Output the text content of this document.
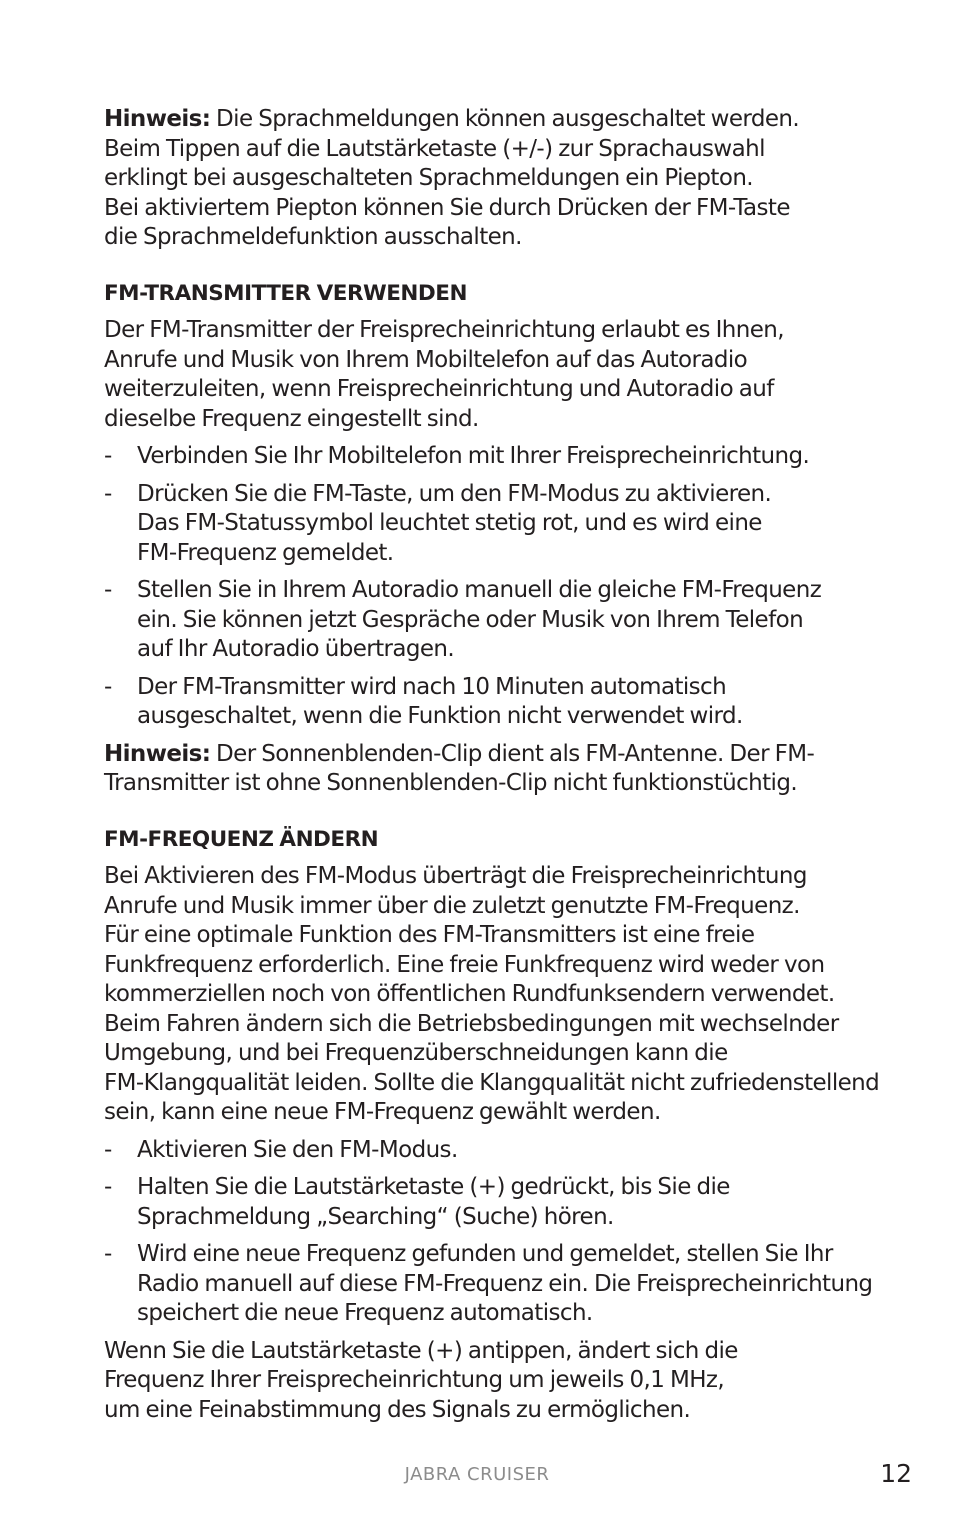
Hinweis: Die Sprachmeldungen können ausgeschaltet werden.
Beim Tippen auf die Lautstärketaste (+/-) zur Sprachauswahl
erklingt bei ausgeschalteten Sprachmeldungen ein Piepton.
Bei aktiviertem Piepton können Sie durch Drücken der FM-Taste
die Sprachmeldefunktion ausschalten.

FM-TRANSMITTER VERWENDEN

Der FM-Transmitter der Freisprecheinrichtung erlaubt es Ihnen,
Anrufe und Musik von Ihrem Mobiltelefon auf das Autoradio
weiterzuleiten, wenn Freisprecheinrichtung und Autoradio auf
dieselbe Frequenz eingestellt sind.

- Verbinden Sie Ihr Mobiltelefon mit Ihrer Freisprecheinrichtung.
- Drücken Sie die FM-Taste, um den FM-Modus zu aktivieren.
Das FM-Statussymbol leuchtet stetig rot, und es wird eine
FM-Frequenz gemeldet.
- Stellen Sie in Ihrem Autoradio manuell die gleiche FM-Frequenz
ein. Sie können jetzt Gespräche oder Musik von Ihrem Telefon
auf Ihr Autoradio übertragen.
- Der FM-Transmitter wird nach 10 Minuten automatisch
ausgeschaltet, wenn die Funktion nicht verwendet wird.

Hinweis: Der Sonnenblenden-Clip dient als FM-Antenne. Der FM-
Transmitter ist ohne Sonnenblenden-Clip nicht funktionstüchtig.

FM-FREQUENZ ÄNDERN

Bei Aktivieren des FM-Modus überträgt die Freisprecheinrichtung
Anrufe und Musik immer über die zuletzt genutzte FM-Frequenz.
Für eine optimale Funktion des FM-Transmitters ist eine freie
Funkfrequenz erforderlich. Eine freie Funkfrequenz wird weder von
kommerziellen noch von öffentlichen Rundfunksendern verwendet.
Beim Fahren ändern sich die Betriebsbedingungen mit wechselnder
Umgebung, und bei Frequenzüberschneidungen kann die
FM-Klangqualität leiden. Sollte die Klangqualität nicht zufriedenstellend
sein, kann eine neue FM-Frequenz gewählt werden.

- Aktivieren Sie den FM-Modus.
- Halten Sie die Lautstärketaste (+) gedrückt, bis Sie die
Sprachmeldung „Searching“ (Suche) hören.
- Wird eine neue Frequenz gefunden und gemeldet, stellen Sie Ihr
Radio manuell auf diese FM-Frequenz ein. Die Freisprecheinrichtung
speichert die neue Frequenz automatisch.

Wenn Sie die Lautstärketaste (+) antippen, ändert sich die
Frequenz Ihrer Freisprecheinrichtung um jeweils 0,1 MHz,
um eine Feinabstimmung des Signals zu ermöglichen.

JABRA CRUISER	12
